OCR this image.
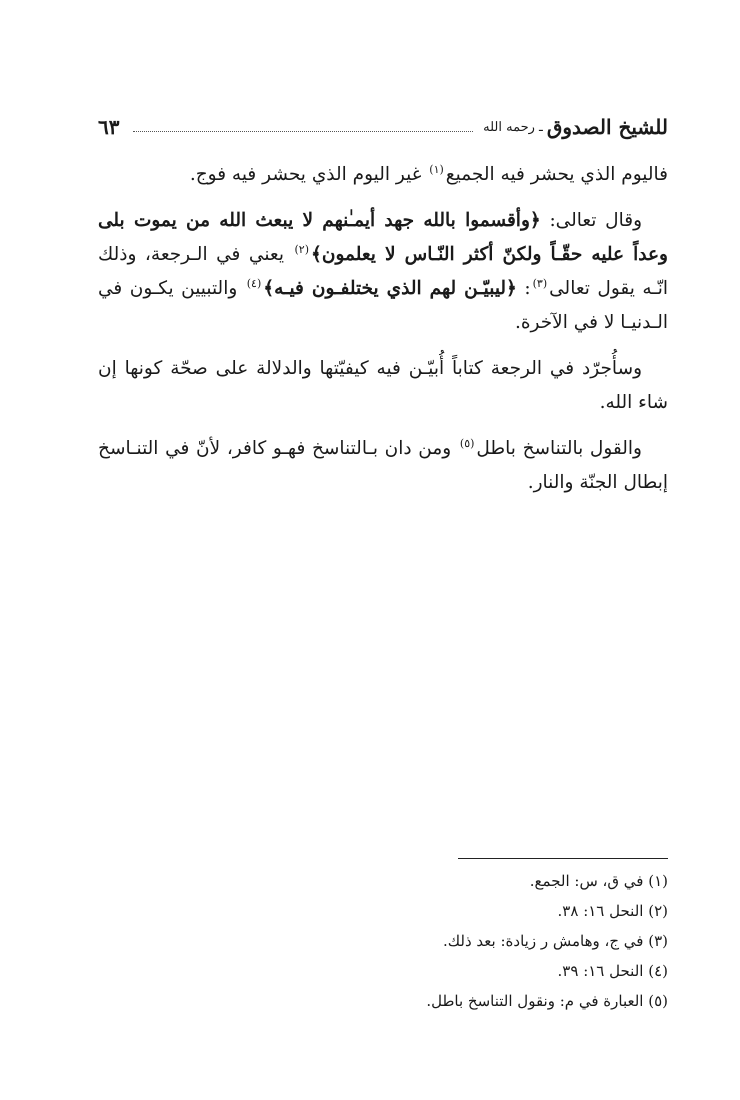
للشيخ الصدوق
ـ رحمه الله
٦٣

فاليوم الذي يحشر فيه الجميع$^{(١)}$ غير اليوم الذي يحشر فيه فوج.

وقال تعالى: ﴿وأقسموا بالله جهد أيمـٰنهم لا يبعث الله من يموت بلى وعداً عليه حقّـاً ولكنّ أكثر النّـاس لا يعلمون﴾$^{(٢)}$ يعني في الـرجعة، وذلك انّـه يقول تعالى$^{(٣)}$: ﴿ليبيّـن لهم الذي يختلفـون فيـه﴾$^{(٤)}$ والتبيين يكـون في الـدنيـا لا في الآخرة.

وسأُجرّد في الرجعة كتاباً أُبيّـن فيه كيفيّتها والدلالة على صحّة كونها إن شاء الله.

والقول بالتناسخ باطل$^{(٥)}$ ومن دان بـالتناسخ فهـو كافر، لأنّ في التنـاسخ إبطال الجنّة والنار.

(١) في ق، س: الجمع.
(٢) النحل ١٦: ٣٨.
(٣) في ج، وهامش ر زيادة: بعد ذلك.
(٤) النحل ١٦: ٣٩.
(٥) العبارة في م: ونقول التناسخ باطل.
